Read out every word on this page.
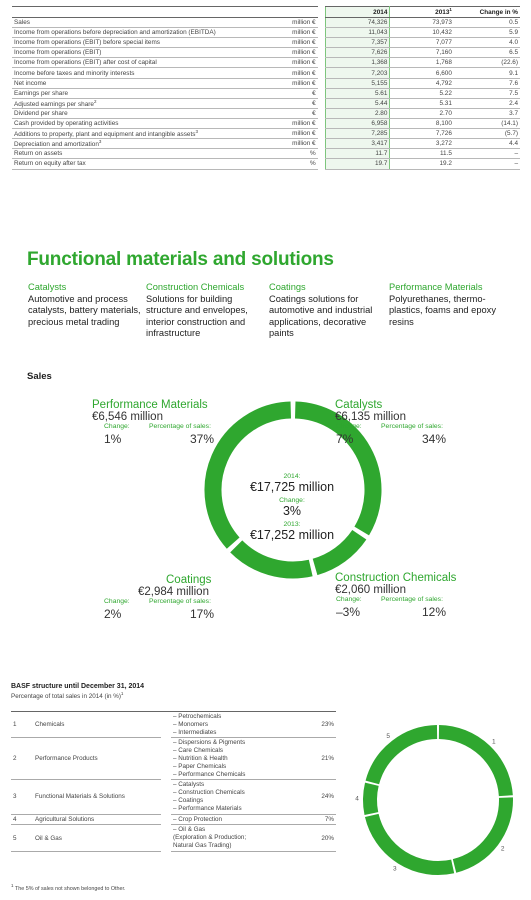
			2014	2013$^1$	Change in %
Sales	million €		74,326	73,973	0.5
Income from operations before depreciation and amortization (EBITDA)	million €		11,043	10,432	5.9
Income from operations (EBIT) before special items	million €		7,357	7,077	4.0
Income from operations (EBIT)	million €		7,626	7,160	6.5
Income from operations (EBIT) after cost of capital	million €		1,368	1,768	(22.6)
Income before taxes and minority interests	million €		7,203	6,600	9.1
Net income	million €		5,155	4,792	7.6
Earnings per share	€		5.61	5.22	7.5
Adjusted earnings per share$^2$	€		5.44	5.31	2.4
Dividend per share	€		2.80	2.70	3.7
Cash provided by operating activities	million €		6,958	8,100	(14.1)
Additions to property, plant and equipment and intangible assets$^3$	million €		7,285	7,726	(5.7)
Depreciation and amortization$^3$	million €		3,417	3,272	4.4
Return on assets	%		11.7	11.5	–
Return on equity after tax	%		19.7	19.2	–
Functional materials and solutions
Catalysts
Automotive and process catalysts, battery materials, precious metal trading
Construction Chemicals
Solutions for building structure and envelopes, interior construction and infrastructure
Coatings
Coatings solutions for automotive and industrial applications, decorative paints
Performance Materials
Polyurethanes, thermoplastics, foams and epoxy resins
Sales
1
2
3
4
5
Performance Materials
€6,546 million
Change:	Percentage of sales:
1%	37%
Catalysts
€6,135 million
Change:	Percentage of sales:
7%	34%
Coatings
€2,984 million
Change:	Percentage of sales:
2%	17%
Construction Chemicals
€2,060 million
Change:	Percentage of sales:
–3%	12%
2014:
€17,725 million
Change:
3%
2013:
€17,252 million
BASF structure until December 31, 2014
Percentage of total sales in 2014 (in %)$^1$
1	Chemicals		– Petrochemicals
– Monomers
– Intermediates	23%
2	Performance Products		– Dispersions & Pigments
– Care Chemicals
– Nutrition & Health
– Paper Chemicals
– Performance Chemicals	21%
3	Functional Materials & Solutions		– Catalysts
– Construction Chemicals
– Coatings
– Performance Materials	24%
4	Agricultural Solutions		– Crop Protection	7%
5	Oil & Gas		– Oil & Gas
(Exploration & Production;
Natural Gas Trading)	20%
$^1$ The 5% of sales not shown belonged to Other.
